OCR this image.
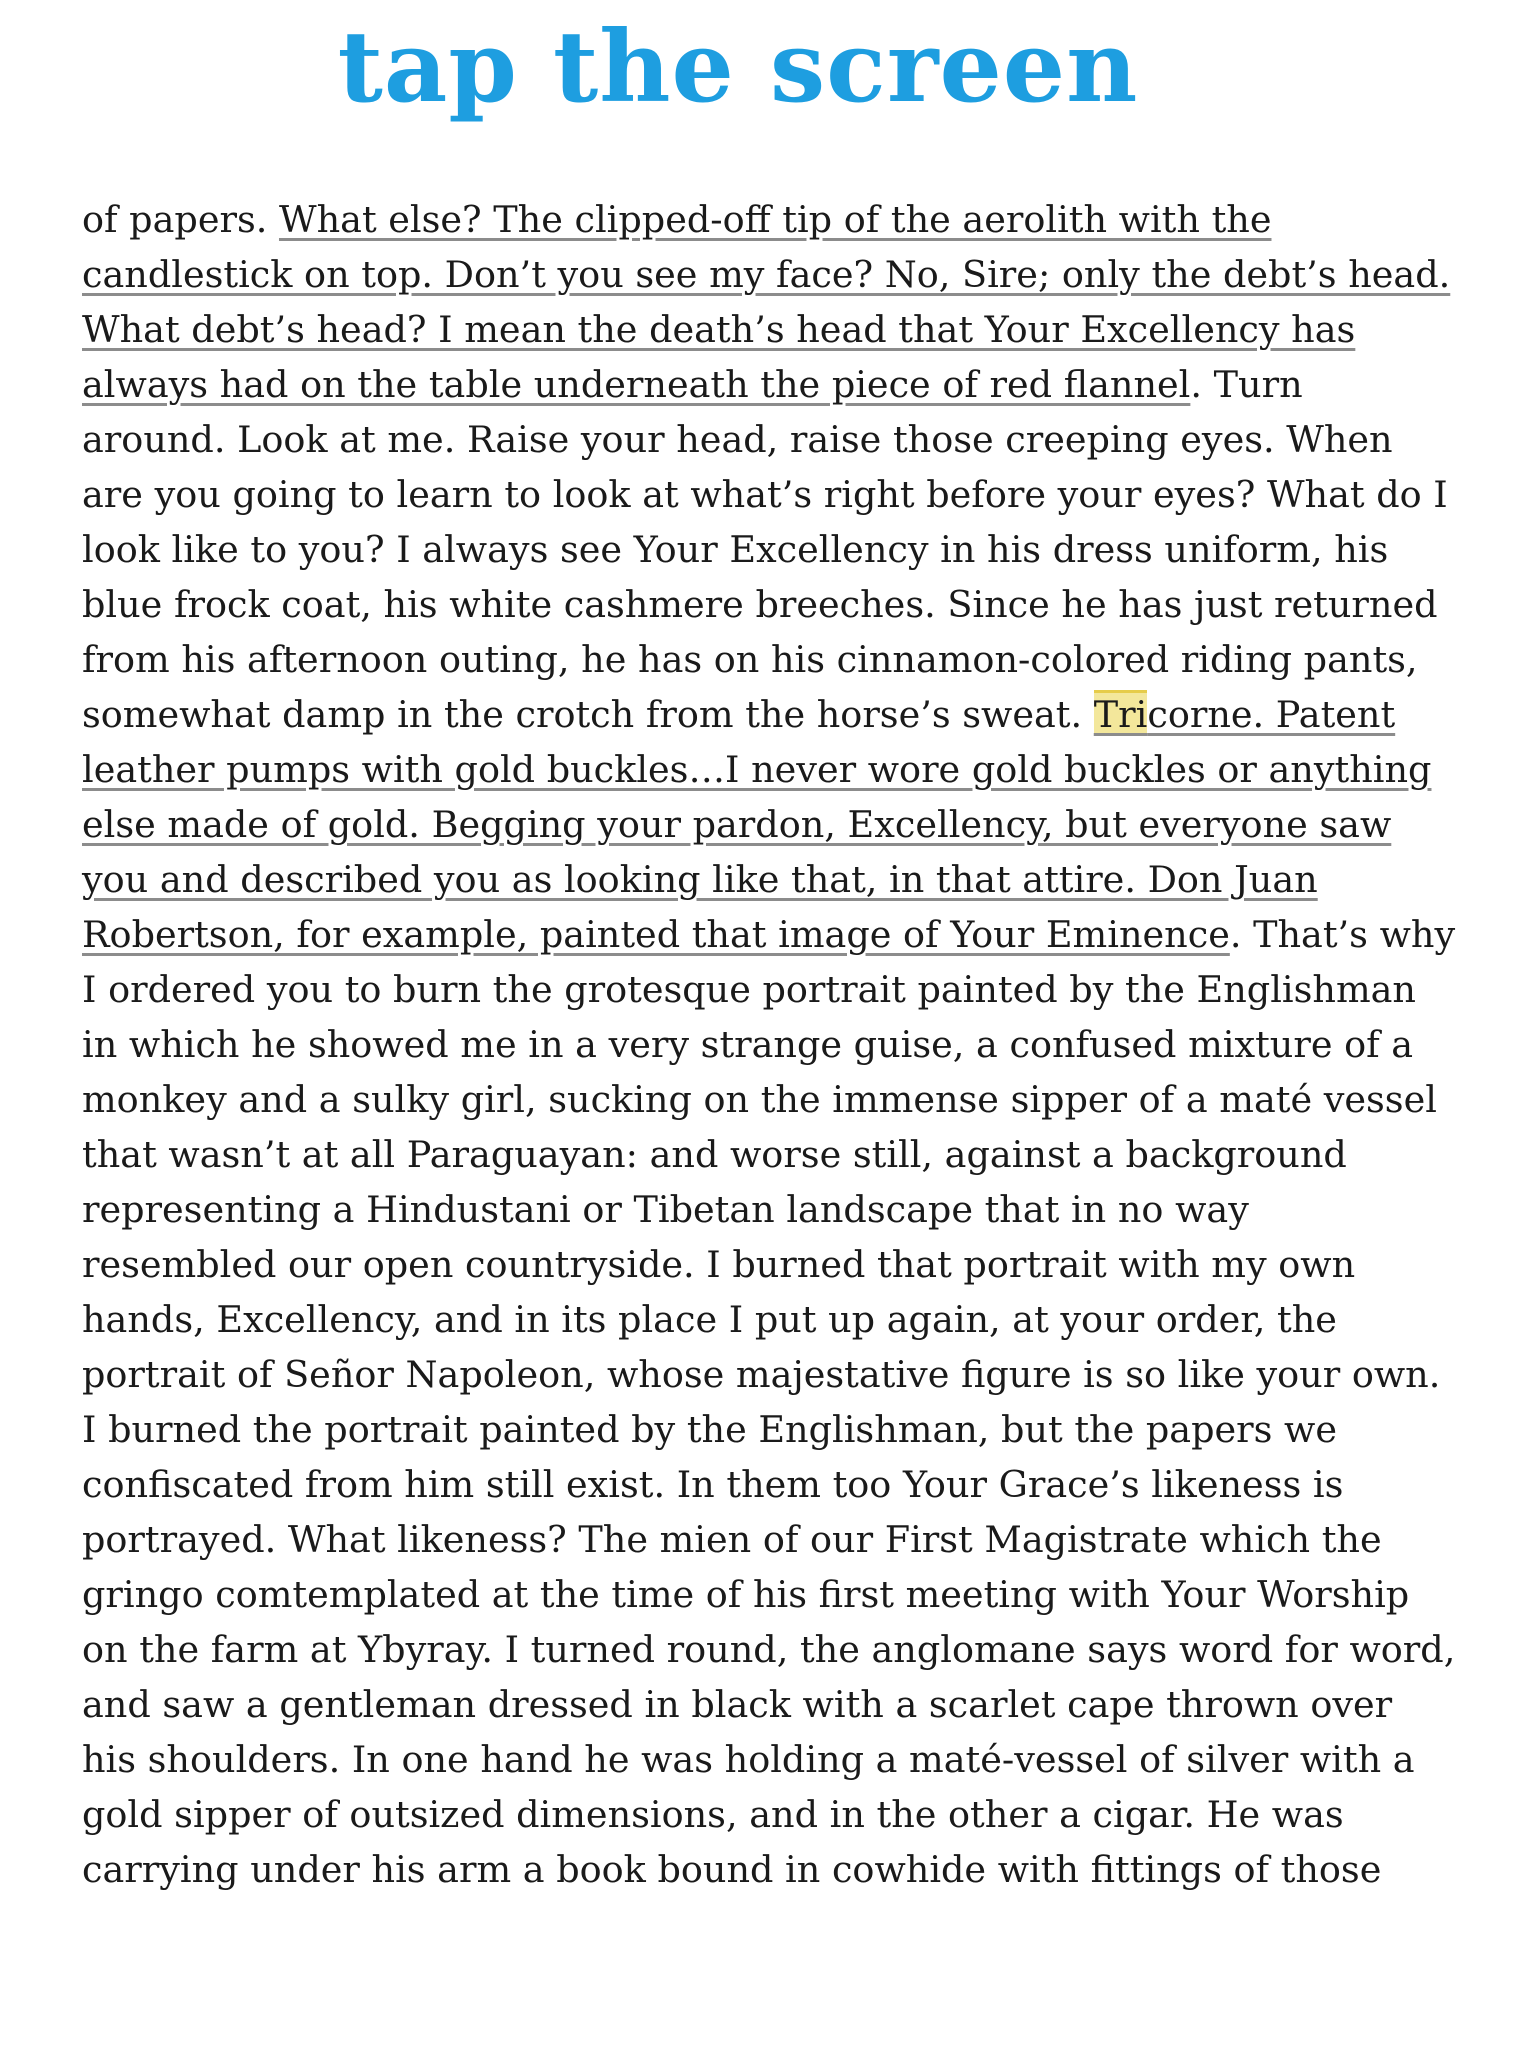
tap the screen
of papers. What else? The clipped-off tip of the aerolith with the
candlestick on top. Don’t you see my face? No, Sire; only the debt’s head.
What debt’s head? I mean the death’s head that Your Excellency has
always had on the table underneath the piece of red flannel. Turn
around. Look at me. Raise your head, raise those creeping eyes. When
are you going to learn to look at what’s right before your eyes? What do I
look like to you? I always see Your Excellency in his dress uniform, his
blue frock coat, his white cashmere breeches. Since he has just returned
from his afternoon outing, he has on his cinnamon-colored riding pants,
somewhat damp in the crotch from the horse’s sweat. Tricorne. Patent
leather pumps with gold buckles…I never wore gold buckles or anything
else made of gold. Begging your pardon, Excellency, but everyone saw
you and described you as looking like that, in that attire. Don Juan
Robertson, for example, painted that image of Your Eminence. That’s why
I ordered you to burn the grotesque portrait painted by the Englishman
in which he showed me in a very strange guise, a confused mixture of a
monkey and a sulky girl, sucking on the immense sipper of a maté vessel
that wasn’t at all Paraguayan: and worse still, against a background
representing a Hindustani or Tibetan landscape that in no way
resembled our open countryside. I burned that portrait with my own
hands, Excellency, and in its place I put up again, at your order, the
portrait of Señor Napoleon, whose majestative figure is so like your own.
I burned the portrait painted by the Englishman, but the papers we
confiscated from him still exist. In them too Your Grace’s likeness is
portrayed. What likeness? The mien of our First Magistrate which the
gringo comtemplated at the time of his first meeting with Your Worship
on the farm at Ybyray. I turned round, the anglomane says word for word,
and saw a gentleman dressed in black with a scarlet cape thrown over
his shoulders. In one hand he was holding a maté-vessel of silver with a
gold sipper of outsized dimensions, and in the other a cigar. He was
carrying under his arm a book bound in cowhide with fittings of those
